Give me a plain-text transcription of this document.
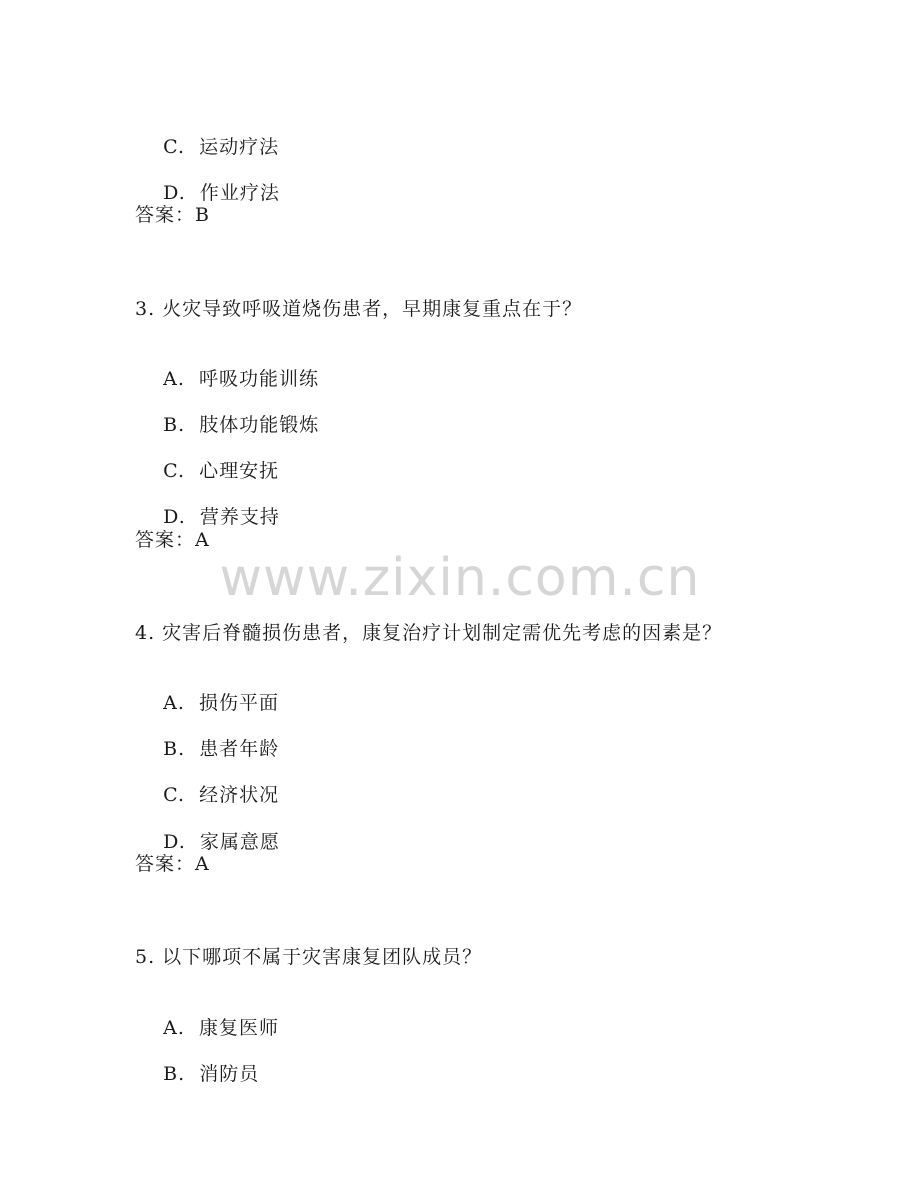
C. 运动疗法

D. 作业疗法

答案：B
3. 火灾导致呼吸道烧伤患者，早期康复重点在于？

A. 呼吸功能训练

B. 肢体功能锻炼

C. 心理安抚

D. 营养支持

答案：A
www.zixin.com.cn
4. 灾害后脊髓损伤患者，康复治疗计划制定需优先考虑的因素是？

A. 损伤平面

B. 患者年龄

C. 经济状况

D. 家属意愿

答案：A
5. 以下哪项不属于灾害康复团队成员？

A. 康复医师

B. 消防员
